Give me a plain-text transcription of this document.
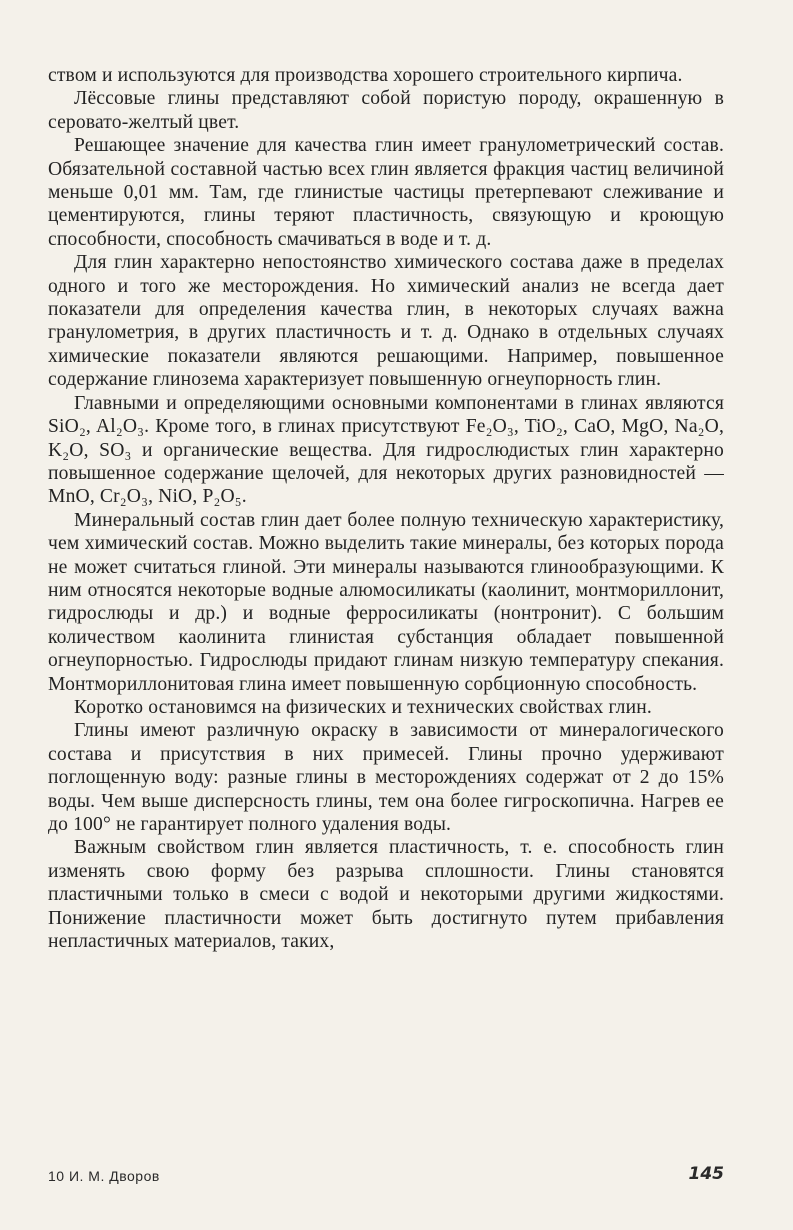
ством и используются для производства хорошего строительного кирпича.

Лёссовые глины представляют собой пористую породу, окрашенную в серовато-желтый цвет.

Решающее значение для качества глин имеет гранулометрический состав. Обязательной составной частью всех глин является фракция частиц величиной меньше 0,01 мм. Там, где глинистые частицы претерпевают слеживание и цементируются, глины теряют пластичность, связующую и кроющую способности, способность смачиваться в воде и т. д.

Для глин характерно непостоянство химического состава даже в пределах одного и того же месторождения. Но химический анализ не всегда дает показатели для определения качества глин, в некоторых случаях важна гранулометрия, в других пластичность и т. д. Однако в отдельных случаях химические показатели являются решающими. Например, повышенное содержание глинозема характеризует повышенную огнеупорность глин.

Главными и определяющими основными компонентами в глинах являются SiO₂, Al₂O₃. Кроме того, в глинах присутствуют Fe₂O₃, TiO₂, CaO, MgO, Na₂O, K₂O, SO₃ и органические вещества. Для гидрослюдистых глин характерно повышенное содержание щелочей, для некоторых других разновидностей — MnO, Cr₂O₃, NiO, P₂O₅.

Минеральный состав глин дает более полную техническую характеристику, чем химический состав. Можно выделить такие минералы, без которых порода не может считаться глиной. Эти минералы называются глинообразующими. К ним относятся некоторые водные алюмосиликаты (каолинит, монтмориллонит, гидрослюды и др.) и водные ферросиликаты (нонтронит). С большим количеством каолинита глинистая субстанция обладает повышенной огнеупорностью. Гидрослюды придают глинам низкую температуру спекания. Монтмориллонитовая глина имеет повышенную сорбционную способность.

Коротко остановимся на физических и технических свойствах глин.

Глины имеют различную окраску в зависимости от минералогического состава и присутствия в них примесей. Глины прочно удерживают поглощенную воду: разные глины в месторождениях содержат от 2 до 15% воды. Чем выше дисперсность глины, тем она более гигроскопична. Нагрев ее до 100° не гарантирует полного удаления воды.

Важным свойством глин является пластичность, т. е. способность глин изменять свою форму без разрыва сплошности. Глины становятся пластичными только в смеси с водой и некоторыми другими жидкостями. Понижение пластичности может быть достигнуто путем прибавления непластичных материалов, таких,

10 И. М. Дворов	145
